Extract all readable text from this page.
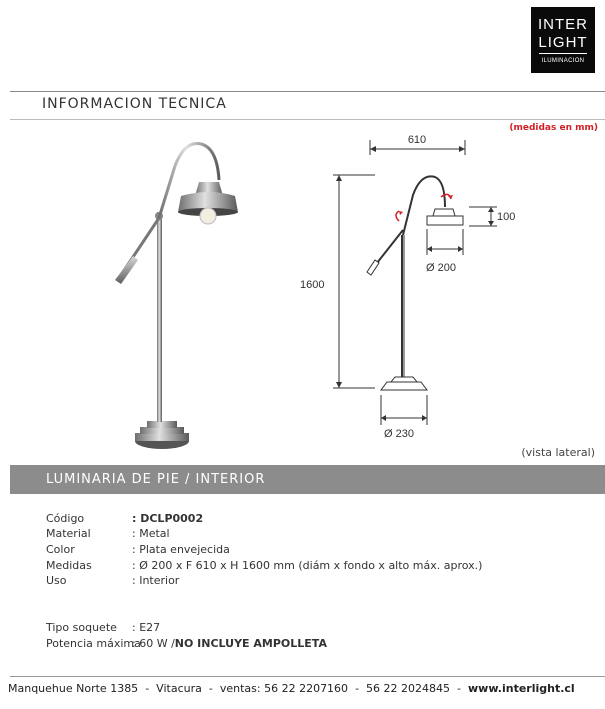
INTER
LIGHT
ILUMINACION
INFORMACION TECNICA
(medidas en mm)
610
1600
100
Ø 200
Ø 230
(vista lateral)
LUMINARIA DE PIE / INTERIOR
Código	: DCLP0002
Material	: Metal
Color	: Plata envejecida
Medidas	: Ø 200 x F 610 x H 1600 mm (diám x fondo x alto máx. aprox.)
Uso	: Interior
Tipo soquete : E27
Potencia máxima: 60 W /NO INCLUYE AMPOLLETA
Manquehue Norte 1385 - Vitacura - ventas: 56 22 2207160 - 56 22 2024845 - www.interlight.cl
